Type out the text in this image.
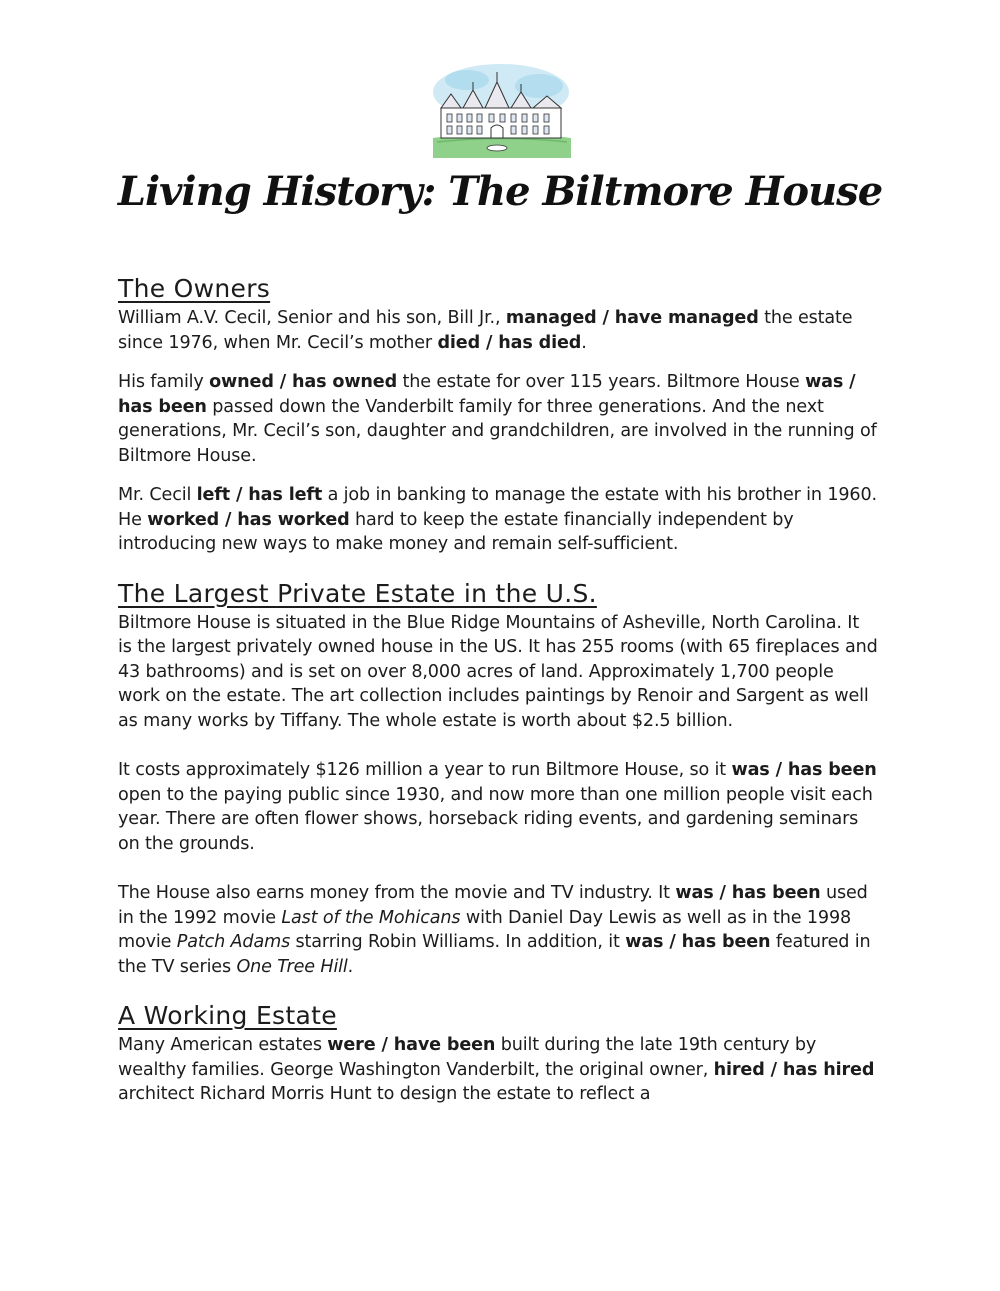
Living History: The Biltmore House
The Owners

William A.V. Cecil, Senior and his son, Bill Jr., managed / have managed the estate since 1976, when Mr. Cecil’s mother died / has died.

His family owned / has owned the estate for over 115 years. Biltmore House was / has been passed down the Vanderbilt family for three generations. And the next generations, Mr. Cecil’s son, daughter and grandchildren, are involved in the running of Biltmore House.

Mr. Cecil left / has left a job in banking to manage the estate with his brother in 1960. He worked / has worked hard to keep the estate financially independent by introducing new ways to make money and remain self-sufficient.

The Largest Private Estate in the U.S.

Biltmore House is situated in the Blue Ridge Mountains of Asheville, North Carolina. It is the largest privately owned house in the US. It has 255 rooms (with 65 fireplaces and 43 bathrooms) and is set on over 8,000 acres of land. Approximately 1,700 people work on the estate. The art collection includes paintings by Renoir and Sargent as well as many works by Tiffany. The whole estate is worth about $2.5 billion.

It costs approximately $126 million a year to run Biltmore House, so it was / has been open to the paying public since 1930, and now more than one million people visit each year. There are often flower shows, horseback riding events, and gardening seminars on the grounds.

The House also earns money from the movie and TV industry. It was / has been used in the 1992 movie Last of the Mohicans with Daniel Day Lewis as well as in the 1998 movie Patch Adams starring Robin Williams. In addition, it was / has been featured in the TV series One Tree Hill.

A Working Estate

Many American estates were / have been built during the late 19th century by wealthy families. George Washington Vanderbilt, the original owner, hired / has hired architect Richard Morris Hunt to design the estate to reflect a
